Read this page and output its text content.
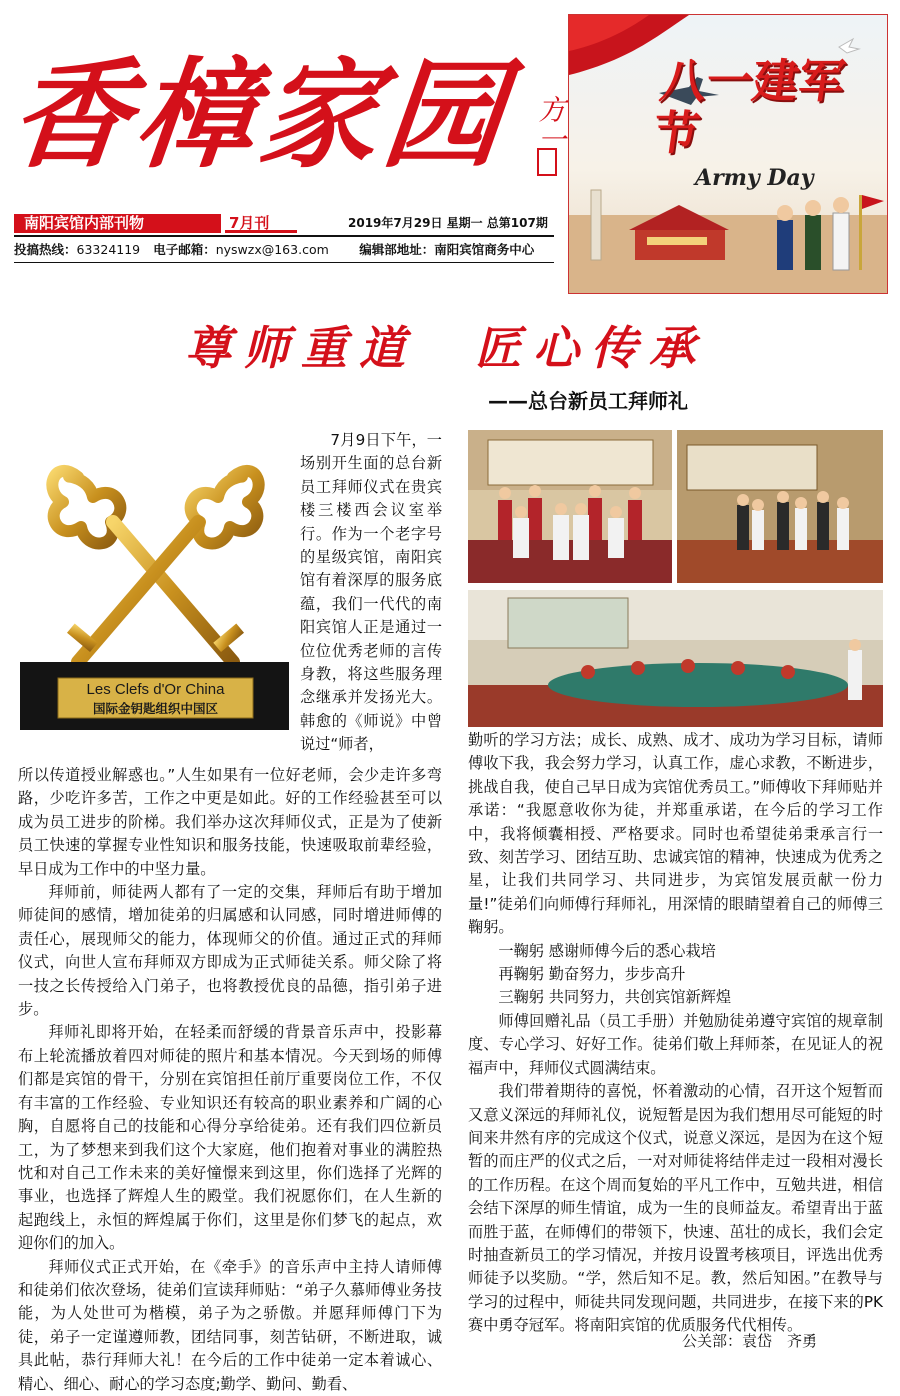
香樟家园 方一
南阳宾馆内部刊物	7月刊	2019年7月29日 星期一 总第107期
投搞热线：63324119 电子邮箱：nyswzx@163.com 编辑部地址：南阳宾馆商务中心
八一建军节
Army Day
尊师重道　匠心传承
——总台新员工拜师礼
Les Clefs d'Or China
国际金钥匙组织中国区
7月9日下午，一场别开生面的总台新员工拜师仪式在贵宾楼三楼西会议室举行。作为一个老字号的星级宾馆，南阳宾馆有着深厚的服务底蕴，我们一代代的南阳宾馆人正是通过一位位优秀老师的言传身教，将这些服务理念继承并发扬光大。韩愈的《师说》中曾说过“师者，

所以传道授业解惑也。”人生如果有一位好老师，会少走许多弯路，少吃许多苦，工作之中更是如此。好的工作经验甚至可以成为员工进步的阶梯。我们举办这次拜师仪式，正是为了使新员工快速的掌握专业性知识和服务技能，快速吸取前辈经验，早日成为工作中的中坚力量。

拜师前，师徒两人都有了一定的交集，拜师后有助于增加师徒间的感情，增加徒弟的归属感和认同感，同时增进师傅的责任心，展现师父的能力，体现师父的价值。通过正式的拜师仪式，向世人宣布拜师双方即成为正式师徒关系。师父除了将一技之长传授给入门弟子，也将教授优良的品德，指引弟子进步。

拜师礼即将开始，在轻柔而舒缓的背景音乐声中，投影幕布上轮流播放着四对师徒的照片和基本情况。今天到场的师傅们都是宾馆的骨干，分别在宾馆担任前厅重要岗位工作，不仅有丰富的工作经验、专业知识还有较高的职业素养和广阔的心胸，自愿将自己的技能和心得分享给徒弟。还有我们四位新员工，为了梦想来到我们这个大家庭，他们抱着对事业的满腔热忱和对自己工作未来的美好憧憬来到这里，你们选择了光辉的事业，也选择了辉煌人生的殿堂。我们祝愿你们，在人生新的起跑线上，永恒的辉煌属于你们，这里是你们梦飞的起点，欢迎你们的加入。

拜师仪式正式开始，在《牵手》的音乐声中主持人请师傅和徒弟们依次登场，徒弟们宣读拜师贴：“弟子久慕师傅业务技能，为人处世可为楷模，弟子为之骄傲。并愿拜师傅门下为徒，弟子一定谨遵师教，团结同事，刻苦钻研，不断进取，诚具此帖，恭行拜师大礼！在今后的工作中徒弟一定本着诚心、精心、细心、耐心的学习态度;勤学、勤问、勤看、

勤听的学习方法；成长、成熟、成才、成功为学习目标，请师傅收下我，我会努力学习，认真工作，虚心求教，不断进步，挑战自我，使自己早日成为宾馆优秀员工。”师傅收下拜师贴并承诺：“我愿意收你为徒，并郑重承诺，在今后的学习工作中，我将倾囊相授、严格要求。同时也希望徒弟秉承言行一致、刻苦学习、团结互助、忠诚宾馆的精神，快速成为优秀之星，让我们共同学习、共同进步，为宾馆发展贡献一份力量!”徒弟们向师傅行拜师礼，用深情的眼睛望着自己的师傅三鞠躬。

一鞠躬 感谢师傅今后的悉心栽培

再鞠躬 勤奋努力，步步高升

三鞠躬 共同努力，共创宾馆新辉煌

师傅回赠礼品（员工手册）并勉励徒弟遵守宾馆的规章制度、专心学习、好好工作。徒弟们敬上拜师茶，在见证人的祝福声中，拜师仪式圆满结束。

我们带着期待的喜悦，怀着激动的心情，召开这个短暂而又意义深远的拜师礼仪，说短暂是因为我们想用尽可能短的时间来井然有序的完成这个仪式，说意义深远，是因为在这个短暂的而庄严的仪式之后，一对对师徒将结伴走过一段相对漫长的工作历程。在这个周而复始的平凡工作中，互勉共进，相信会结下深厚的师生情谊，成为一生的良师益友。希望青出于蓝而胜于蓝，在师傅们的带领下，快速、茁壮的成长，我们会定时抽查新员工的学习情况，并按月设置考核项目，评选出优秀师徒予以奖励。“学，然后知不足。教，然后知困。”在教导与学习的过程中，师徒共同发现问题，共同进步，在接下来的PK赛中勇夺冠军。将南阳宾馆的优质服务代代相传。

公关部：袁岱　齐勇
